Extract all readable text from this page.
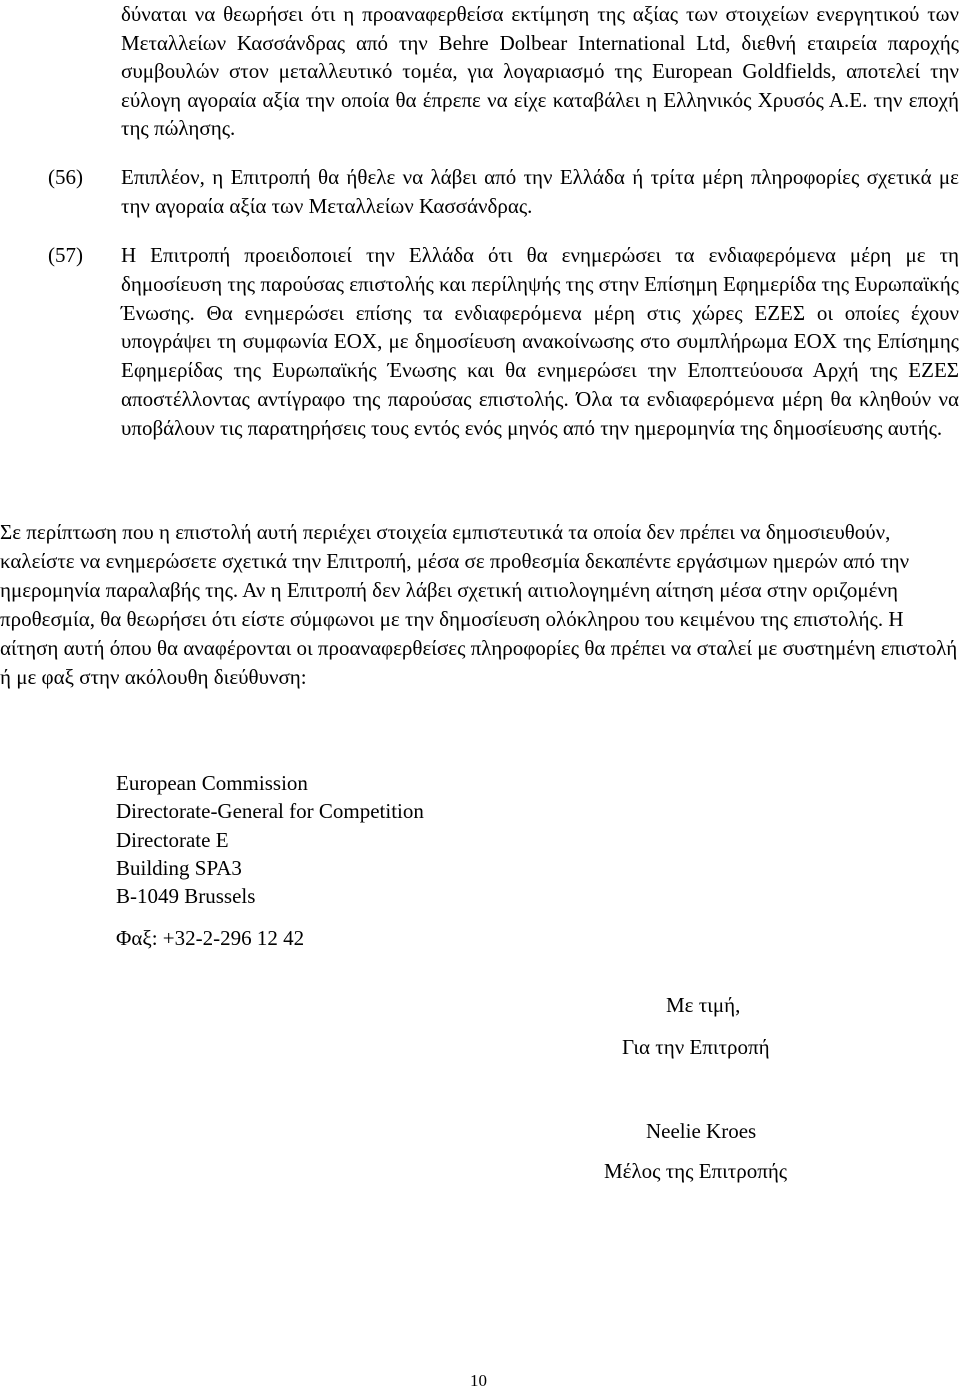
δύναται να θεωρήσει ότι η προαναφερθείσα εκτίμηση της αξίας των στοιχείων ενεργητικού των Μεταλλείων Κασσάνδρας από την Behre Dolbear International Ltd, διεθνή εταιρεία παροχής συμβουλών στον μεταλλευτικό τομέα, για λογαριασμό της European Goldfields, αποτελεί την εύλογη αγοραία αξία την οποία θα έπρεπε να είχε καταβάλει η Ελληνικός Χρυσός Α.Ε. την εποχή της πώλησης.

(56)	Επιπλέον, η Επιτροπή θα ήθελε να λάβει από την Ελλάδα ή τρίτα μέρη πληροφορίες σχετικά με την αγοραία αξία των Μεταλλείων Κασσάνδρας.
(57)	Η Επιτροπή προειδοποιεί την Ελλάδα ότι θα ενημερώσει τα ενδιαφερόμενα μέρη με τη δημοσίευση της παρούσας επιστολής και περίληψής της στην Επίσημη Εφημερίδα της Ευρωπαϊκής Ένωσης. Θα ενημερώσει επίσης τα ενδιαφερόμενα μέρη στις χώρες ΕΖΕΣ οι οποίες έχουν υπογράψει τη συμφωνία ΕΟΧ, με δημοσίευση ανακοίνωσης στο συμπλήρωμα ΕΟΧ της Επίσημης Εφημερίδας της Ευρωπαϊκής Ένωσης και θα ενημερώσει την Εποπτεύουσα Αρχή της ΕΖΕΣ αποστέλλοντας αντίγραφο της παρούσας επιστολής. Όλα τα ενδιαφερόμενα μέρη θα κληθούν να υποβάλουν τις παρατηρήσεις τους εντός ενός μηνός από την ημερομηνία της δημοσίευσης αυτής.

Σε περίπτωση που η επιστολή αυτή περιέχει στοιχεία εμπιστευτικά τα οποία δεν πρέπει να δημοσιευθούν, καλείστε να ενημερώσετε σχετικά την Επιτροπή, μέσα σε προθεσμία δεκαπέντε εργάσιμων ημερών από την ημερομηνία παραλαβής της. Αν η Επιτροπή δεν λάβει σχετική αιτιολογημένη αίτηση μέσα στην οριζομένη προθεσμία, θα θεωρήσει ότι είστε σύμφωνοι με την δημοσίευση ολόκληρου του κειμένου της επιστολής. Η αίτηση αυτή όπου θα αναφέρονται οι προαναφερθείσες πληροφορίες θα πρέπει να σταλεί με συστημένη επιστολή ή με φαξ στην ακόλουθη διεύθυνση:

European Commission
Directorate-General for Competition
Directorate E
Building SPA3
B-1049 Brussels
Φαξ: +32-2-296 12 42
Με τιμή,
Για την Επιτροπή
Neelie Kroes
Μέλος της Επιτροπής
10
